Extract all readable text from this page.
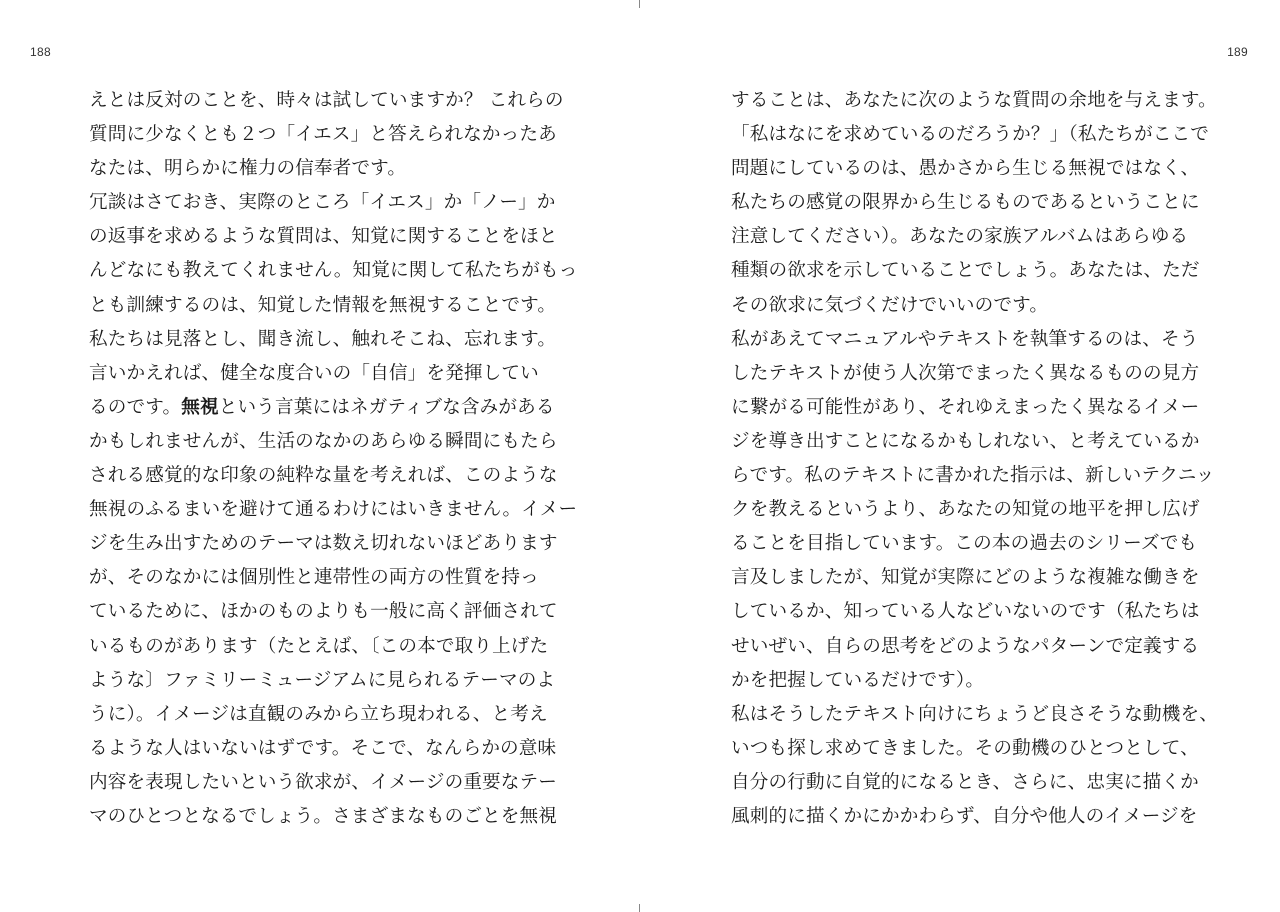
188
えとは反対のことを、時々は試していますか？ これらの
質問に少なくとも２つ「イエス」と答えられなかったあ
なたは、明らかに権力の信奉者です。
冗談はさておき、実際のところ「イエス」か「ノー」か
の返事を求めるような質問は、知覚に関することをほと
んどなにも教えてくれません。知覚に関して私たちがもっ
とも訓練するのは、知覚した情報を無視することです。
私たちは見落とし、聞き流し、触れそこね、忘れます。
言いかえれば、健全な度合いの「自信」を発揮してい
るのです。無視という言葉にはネガティブな含みがある
かもしれませんが、生活のなかのあらゆる瞬間にもたら
される感覚的な印象の純粋な量を考えれば、このような
無視のふるまいを避けて通るわけにはいきません。イメー
ジを生み出すためのテーマは数え切れないほどあります
が、そのなかには個別性と連帯性の両方の性質を持っ
ているために、ほかのものよりも一般に高く評価されて
いるものがあります（たとえば、〔この本で取り上げた
ような〕ファミリーミュージアムに見られるテーマのよ
うに）。イメージは直観のみから立ち現われる、と考え
るような人はいないはずです。そこで、なんらかの意味
内容を表現したいという欲求が、イメージの重要なテー
マのひとつとなるでしょう。さまざまなものごとを無視
189
することは、あなたに次のような質問の余地を与えます。
「私はなにを求めているのだろうか？」（私たちがここで
問題にしているのは、愚かさから生じる無視ではなく、
私たちの感覚の限界から生じるものであるということに
注意してください）。あなたの家族アルバムはあらゆる
種類の欲求を示していることでしょう。あなたは、ただ
その欲求に気づくだけでいいのです。
私があえてマニュアルやテキストを執筆するのは、そう
したテキストが使う人次第でまったく異なるものの見方
に繋がる可能性があり、それゆえまったく異なるイメー
ジを導き出すことになるかもしれない、と考えているか
らです。私のテキストに書かれた指示は、新しいテクニッ
クを教えるというより、あなたの知覚の地平を押し広げ
ることを目指しています。この本の過去のシリーズでも
言及しましたが、知覚が実際にどのような複雑な働きを
しているか、知っている人などいないのです（私たちは
せいぜい、自らの思考をどのようなパターンで定義する
かを把握しているだけです）。
私はそうしたテキスト向けにちょうど良さそうな動機を、
いつも探し求めてきました。その動機のひとつとして、
自分の行動に自覚的になるとき、さらに、忠実に描くか
風刺的に描くかにかかわらず、自分や他人のイメージを
